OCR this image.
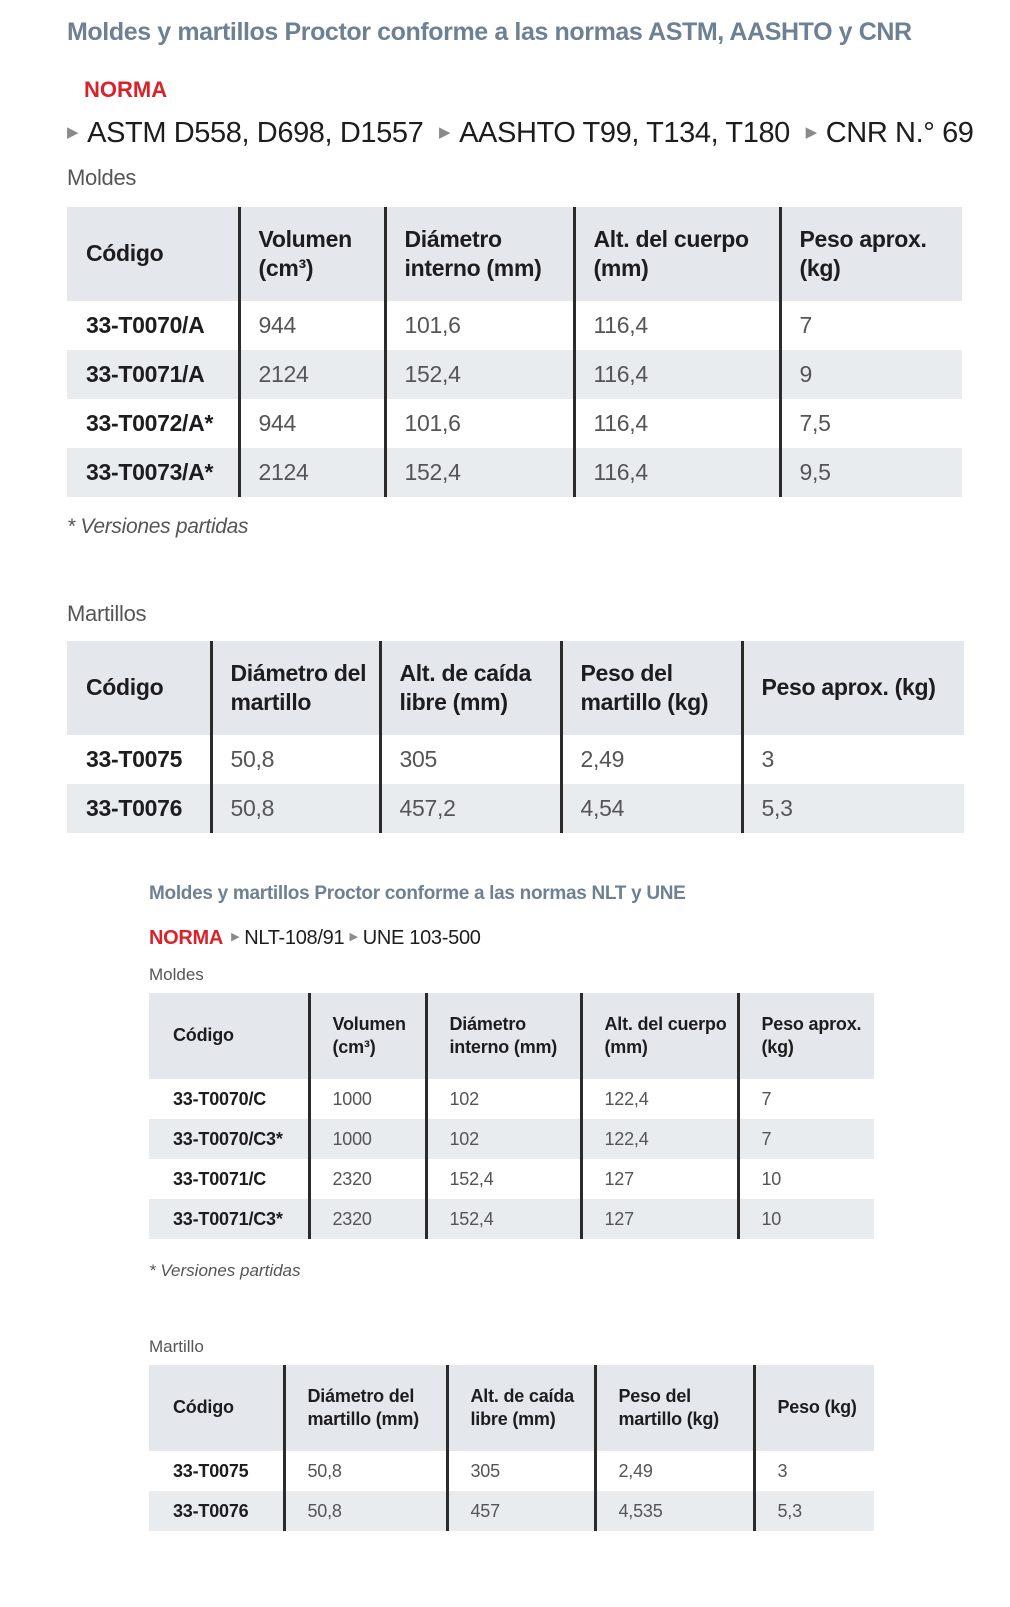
Moldes y martillos Proctor conforme a las normas ASTM, AASHTO y CNR
NORMA
▶ ASTM D558, D698, D1557 ▶ AASHTO T99, T134, T180 ▶ CNR N.° 69
Moldes
Código	Volumen (cm³)	Diámetro interno (mm)	Alt. del cuerpo (mm)	Peso aprox. (kg)
33-T0070/A	944	101,6	116,4	7
33-T0071/A	2124	152,4	116,4	9
33-T0072/A*	944	101,6	116,4	7,5
33-T0073/A*	2124	152,4	116,4	9,5
* Versiones partidas
Martillos
Código	Diámetro del martillo	Alt. de caída libre (mm)	Peso del martillo (kg)	Peso aprox. (kg)
33-T0075	50,8	305	2,49	3
33-T0076	50,8	457,2	4,54	5,3
Moldes y martillos Proctor conforme a las normas NLT y UNE
NORMA ▶ NLT-108/91 ▶ UNE 103-500
Moldes
Código	Volumen (cm³)	Diámetro interno (mm)	Alt. del cuerpo (mm)	Peso aprox. (kg)
33-T0070/C	1000	102	122,4	7
33-T0070/C3*	1000	102	122,4	7
33-T0071/C	2320	152,4	127	10
33-T0071/C3*	2320	152,4	127	10
* Versiones partidas
Martillo
Código	Diámetro del martillo (mm)	Alt. de caída libre (mm)	Peso del martillo (kg)	Peso (kg)
33-T0075	50,8	305	2,49	3
33-T0076	50,8	457	4,535	5,3
